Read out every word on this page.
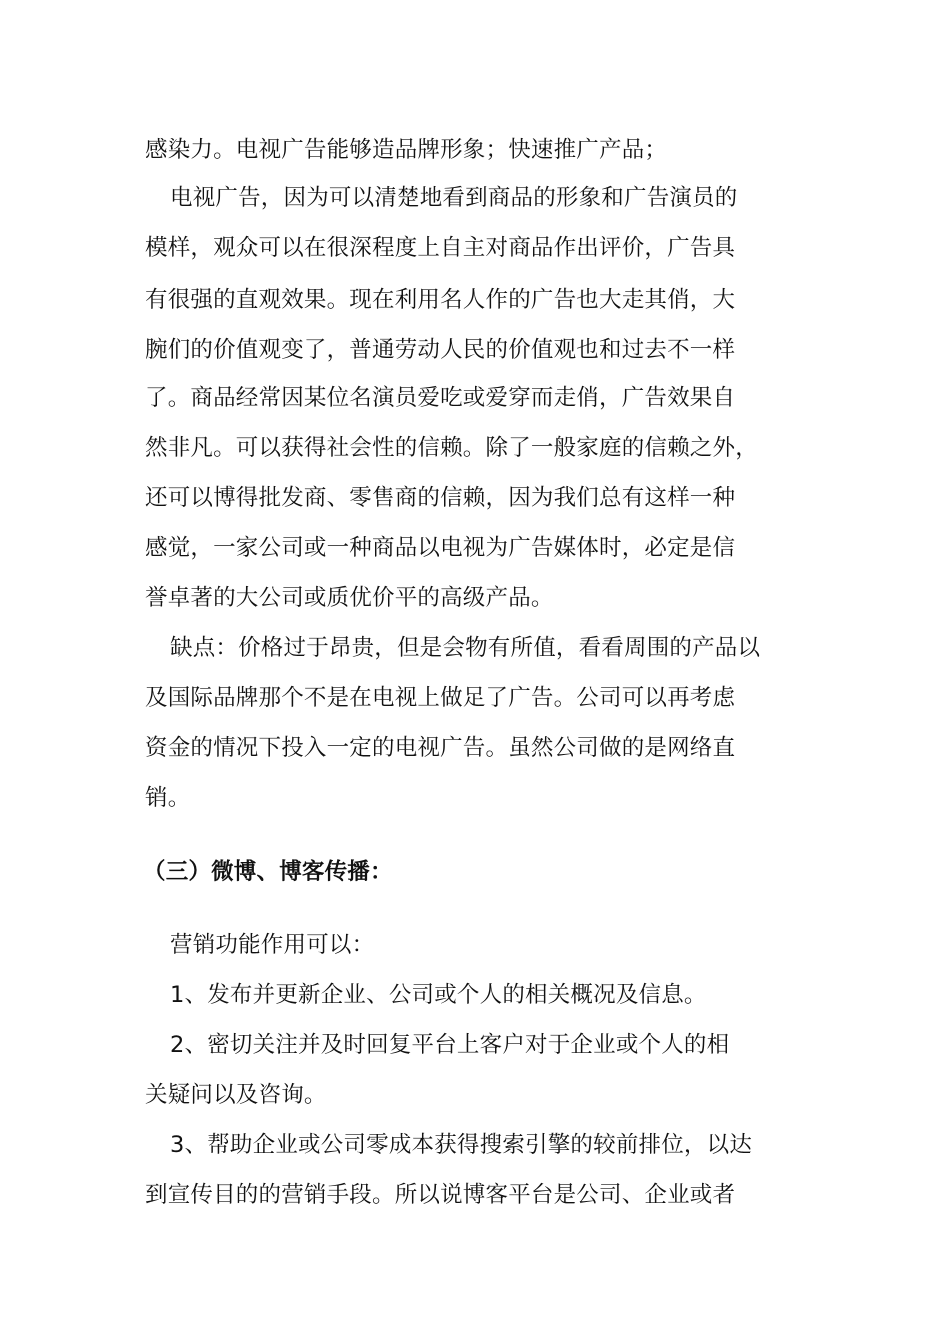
感染力。电视广告能够造品牌形象；快速推广产品；
电视广告，因为可以清楚地看到商品的形象和广告演员的
模样，观众可以在很深程度上自主对商品作出评价，广告具
有很强的直观效果。现在利用名人作的广告也大走其俏，大
腕们的价值观变了，普通劳动人民的价值观也和过去不一样
了。商品经常因某位名演员爱吃或爱穿而走俏，广告效果自
然非凡。可以获得社会性的信赖。除了一般家庭的信赖之外，
还可以博得批发商、零售商的信赖，因为我们总有这样一种
感觉，一家公司或一种商品以电视为广告媒体时，必定是信
誉卓著的大公司或质优价平的高级产品。
缺点：价格过于昂贵，但是会物有所值，看看周围的产品以
及国际品牌那个不是在电视上做足了广告。公司可以再考虑
资金的情况下投入一定的电视广告。虽然公司做的是网络直
销。
（三）微博、博客传播：
营销功能作用可以：
1、发布并更新企业、公司或个人的相关概况及信息。
2、密切关注并及时回复平台上客户对于企业或个人的相
关疑问以及咨询。
3、帮助企业或公司零成本获得搜索引擎的较前排位，以达
到宣传目的的营销手段。所以说博客平台是公司、企业或者
